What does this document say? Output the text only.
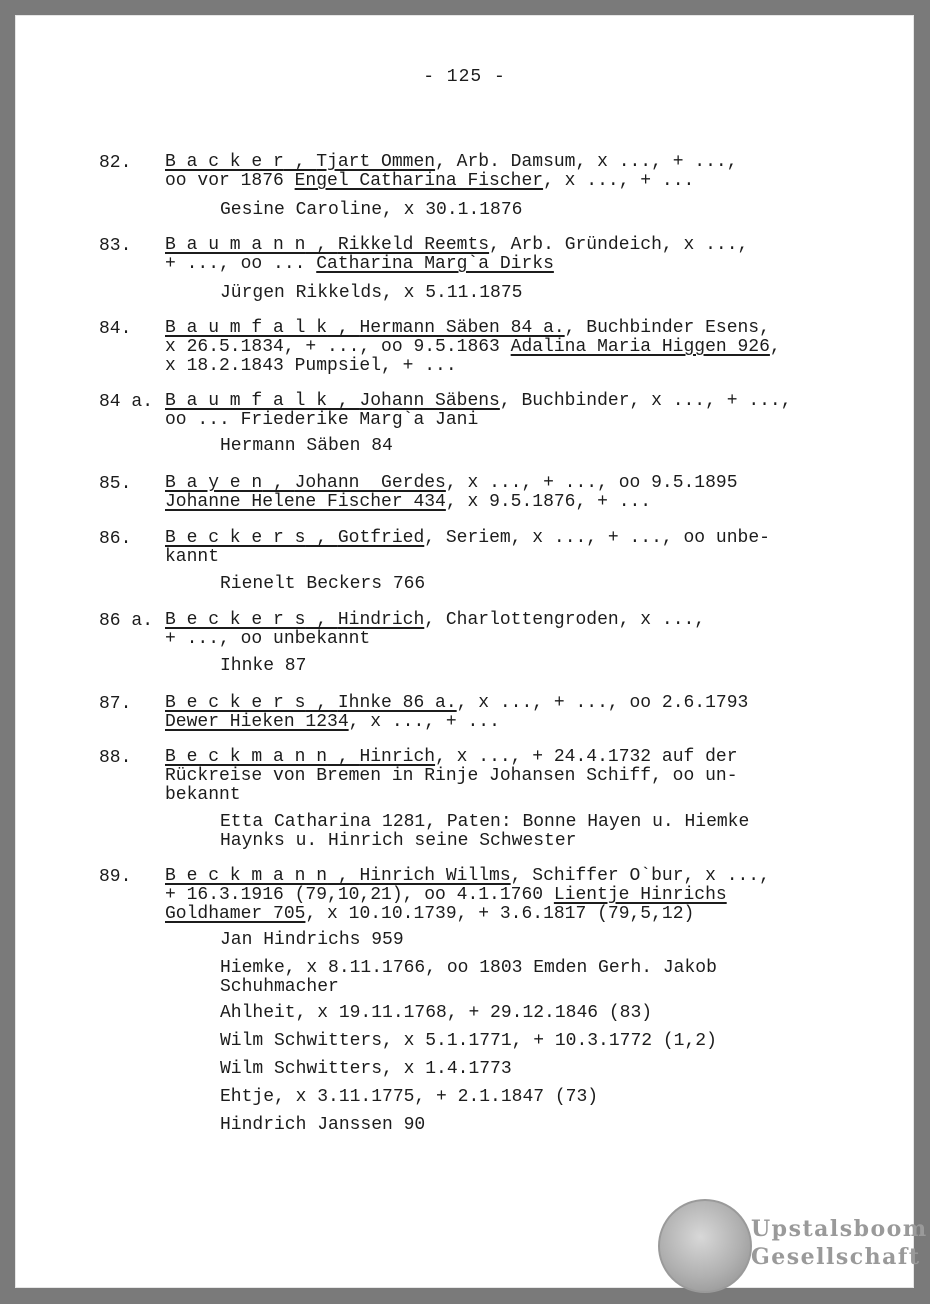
- 125 -
82. B a c k e r , Tjart Ommen, Arb. Damsum, x ..., + ...,
oo vor 1876 Engel Catharina Fischer, x ..., + ...
Gesine Caroline, x 30.1.1876
83. B a u m a n n , Rikkeld Reemts, Arb. Gründeich, x ...,
+ ..., oo ... Catharina Marg`a Dirks
Jürgen Rikkelds, x 5.11.1875
84. B a u m f a l k , Hermann Säben 84 a., Buchbinder Esens,
x 26.5.1834, + ..., oo 9.5.1863 Adalina Maria Higgen 926,
x 18.2.1843 Pumpsiel, + ...
84 a. B a u m f a l k , Johann Säbens, Buchbinder, x ..., + ...,
oo ... Friederike Marg`a Jani
Hermann Säben 84
85. B a y e n , Johann  Gerdes, x ..., + ..., oo 9.5.1895
Johanne Helene Fischer 434, x 9.5.1876, + ...
86. B e c k e r s , Gotfried, Seriem, x ..., + ..., oo unbe-
kannt
Rienelt Beckers 766
86 a. B e c k e r s , Hindrich, Charlottengroden, x ...,
+ ..., oo unbekannt
Ihnke 87
87. B e c k e r s , Ihnke 86 a., x ..., + ..., oo 2.6.1793
Dewer Hieken 1234, x ..., + ...
88. B e c k m a n n , Hinrich, x ..., + 24.4.1732 auf der
Rückreise von Bremen in Rinje Johansen Schiff, oo un-
bekannt
Etta Catharina 1281, Paten: Bonne Hayen u. Hiemke
Haynks u. Hinrich seine Schwester
89. B e c k m a n n , Hinrich Willms, Schiffer O`bur, x ...,
+ 16.3.1916 (79,10,21), oo 4.1.1760 Lientje Hinrichs
Goldhamer 705, x 10.10.1739, + 3.6.1817 (79,5,12)
Jan Hindrichs 959
Hiemke, x 8.11.1766, oo 1803 Emden Gerh. Jakob
Schuhmacher
Ahlheit, x 19.11.1768, + 29.12.1846 (83)
Wilm Schwitters, x 5.1.1771, + 10.3.1772 (1,2)
Wilm Schwitters, x 1.4.1773
Ehtje, x 3.11.1775, + 2.1.1847 (73)
Hindrich Janssen 90
Upstalsboom
Gesellschaft
